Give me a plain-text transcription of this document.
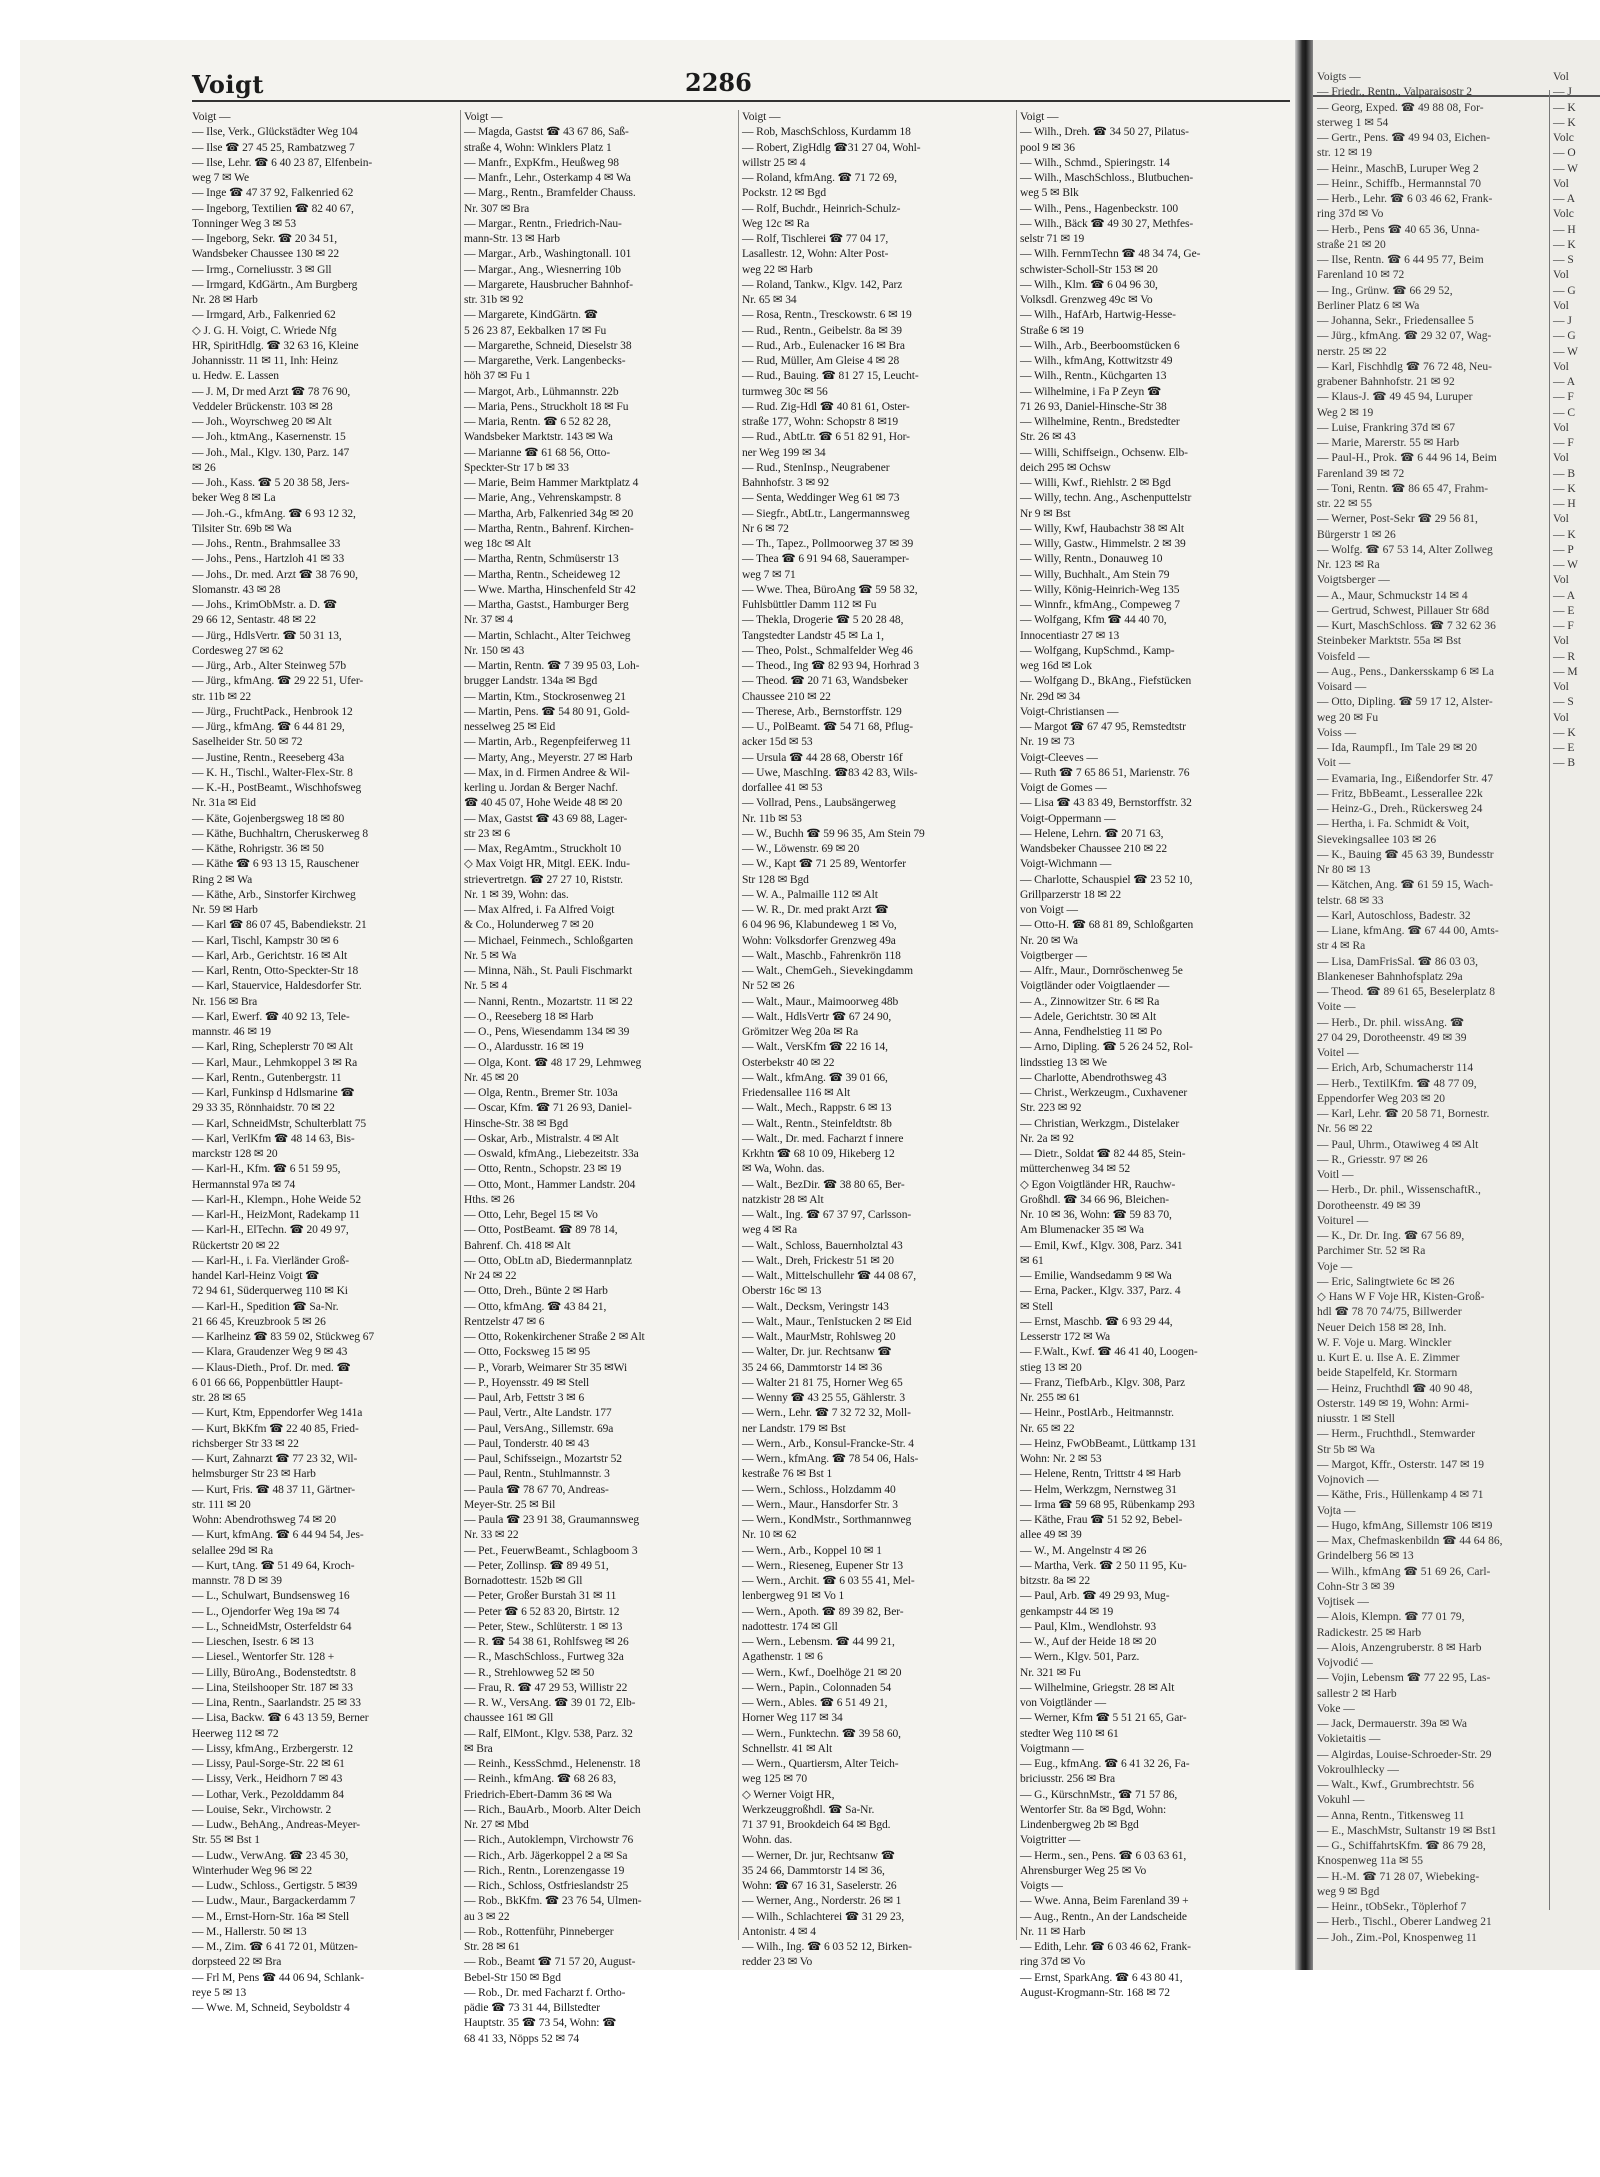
Voigt	2286
Voigt —
— Ilse, Verk., Glückstädter Weg 104
— Ilse ☎ 27 45 25, Rambatzweg 7
— Ilse, Lehr. ☎ 6 40 23 87, Elfenbein-
weg 7 ✉ We
— Inge ☎ 47 37 92, Falkenried 62
— Ingeborg, Textilien ☎ 82 40 67,
Tonninger Weg 3 ✉ 53
— Ingeborg, Sekr. ☎ 20 34 51,
Wandsbeker Chaussee 130 ✉ 22
— Irmg., Corneliusstr. 3 ✉ Gll
— Irmgard, KdGärtn., Am Burgberg
Nr. 28 ✉ Harb
— Irmgard, Arb., Falkenried 62
◇ J. G. H. Voigt, C. Wriede Nfg
HR, SpiritHdlg. ☎ 32 63 16, Kleine
Johannisstr. 11 ✉ 11, Inh: Heinz
u. Hedw. E. Lassen
— J. M, Dr med Arzt ☎ 78 76 90,
Veddeler Brückenstr. 103 ✉ 28
— Joh., Woyrschweg 20 ✉ Alt
— Joh., ktmAng., Kasernenstr. 15
— Joh., Mal., Klgv. 130, Parz. 147
✉ 26
— Joh., Kass. ☎ 5 20 38 58, Jers-
beker Weg 8 ✉ La
— Joh.-G., kfmAng. ☎ 6 93 12 32,
Tilsiter Str. 69b ✉ Wa
— Johs., Rentn., Brahmsallee 33
— Johs., Pens., Hartzloh 41 ✉ 33
— Johs., Dr. med. Arzt ☎ 38 76 90,
Slomanstr. 43 ✉ 28
— Johs., KrimObMstr. a. D. ☎
29 66 12, Sentastr. 48 ✉ 22
— Jürg., HdlsVertr. ☎ 50 31 13,
Cordesweg 27 ✉ 62
— Jürg., Arb., Alter Steinweg 57b
— Jürg., kfmAng. ☎ 29 22 51, Ufer-
str. 11b ✉ 22
— Jürg., FruchtPack., Henbrook 12
— Jürg., kfmAng. ☎ 6 44 81 29,
Saselheider Str. 50 ✉ 72
— Justine, Rentn., Reeseberg 43a
— K. H., Tischl., Walter-Flex-Str. 8
— K.-H., PostBeamt., Wischhofsweg
Nr. 31a ✉ Eid
— Käte, Gojenbergsweg 18 ✉ 80
— Käthe, Buchhaltrn, Cheruskerweg 8
— Käthe, Rohrigstr. 36 ✉ 50
— Käthe ☎ 6 93 13 15, Rauschener
Ring 2 ✉ Wa
— Käthe, Arb., Sinstorfer Kirchweg
Nr. 59 ✉ Harb
— Karl ☎ 86 07 45, Babendiekstr. 21
— Karl, Tischl, Kampstr 30 ✉ 6
— Karl, Arb., Gerichtstr. 16 ✉ Alt
— Karl, Rentn, Otto-Speckter-Str 18
— Karl, Stauervice, Haldesdorfer Str.
Nr. 156 ✉ Bra
— Karl, Ewerf. ☎ 40 92 13, Tele-
mannstr. 46 ✉ 19
— Karl, Ring, Scheplerstr 70 ✉ Alt
— Karl, Maur., Lehmkoppel 3 ✉ Ra
— Karl, Rentn., Gutenbergstr. 11
— Karl, Funkinsp d Hdlsmarine ☎
29 33 35, Rönnhaidstr. 70 ✉ 22
— Karl, SchneidMstr, Schulterblatt 75
— Karl, VerlKfm ☎ 48 14 63, Bis-
marckstr 128 ✉ 20
— Karl-H., Kfm. ☎ 6 51 59 95,
Hermannstal 97a ✉ 74
— Karl-H., Klempn., Hohe Weide 52
— Karl-H., HeizMont, Radekamp 11
— Karl-H., ElTechn. ☎ 20 49 97,
Rückertstr 20 ✉ 22
— Karl-H., i. Fa. Vierländer Groß-
handel Karl-Heinz Voigt ☎
72 94 61, Süderquerweg 110 ✉ Ki
— Karl-H., Spedition ☎ Sa-Nr.
21 66 45, Kreuzbrook 5 ✉ 26
— Karlheinz ☎ 83 59 02, Stückweg 67
— Klara, Graudenzer Weg 9 ✉ 43
— Klaus-Dieth., Prof. Dr. med. ☎
6 01 66 66, Poppenbüttler Haupt-
str. 28 ✉ 65
— Kurt, Ktm, Eppendorfer Weg 141a
— Kurt, BkKfm ☎ 22 40 85, Fried-
richsberger Str 33 ✉ 22
— Kurt, Zahnarzt ☎ 77 23 32, Wil-
helmsburger Str 23 ✉ Harb
— Kurt, Fris. ☎ 48 37 11, Gärtner-
str. 111 ✉ 20
Wohn: Abendrothsweg 74 ✉ 20
— Kurt, kfmAng. ☎ 6 44 94 54, Jes-
selallee 29d ✉ Ra
— Kurt, tAng. ☎ 51 49 64, Kroch-
mannstr. 78 D ✉ 39
— L., Schulwart, Bundsensweg 16
— L., Ojendorfer Weg 19a ✉ 74
— L., SchneidMstr, Osterfeldstr 64
— Lieschen, Isestr. 6 ✉ 13
— Liesel., Wentorfer Str. 128 +
— Lilly, BüroAng., Bodenstedtstr. 8
— Lina, Steilshooper Str. 187 ✉ 33
— Lina, Rentn., Saarlandstr. 25 ✉ 33
— Lisa, Backw. ☎ 6 43 13 59, Berner
Heerweg 112 ✉ 72
— Lissy, kfmAng., Erzbergerstr. 12
— Lissy, Paul-Sorge-Str. 22 ✉ 61
— Lissy, Verk., Heidhorn 7 ✉ 43
— Lothar, Verk., Pezolddamm 84
— Louise, Sekr., Virchowstr. 2
— Ludw., BehAng., Andreas-Meyer-
Str. 55 ✉ Bst 1
— Ludw., VerwAng. ☎ 23 45 30,
Winterhuder Weg 96 ✉ 22
— Ludw., Schloss., Gertigstr. 5 ✉39
— Ludw., Maur., Bargackerdamm 7
— M., Ernst-Horn-Str. 16a ✉ Stell
— M., Hallerstr. 50 ✉ 13
— M., Zim. ☎ 6 41 72 01, Mützen-
dorpsteed 22 ✉ Bra
— Frl M, Pens ☎ 44 06 94, Schlank-
reye 5 ✉ 13
— Wwe. M, Schneid, Seyboldstr 4
Voigt —
— Magda, Gastst ☎ 43 67 86, Saß-
straße 4, Wohn: Winklers Platz 1
— Manfr., ExpKfm., Heußweg 98
— Manfr., Lehr., Osterkamp 4 ✉ Wa
— Marg., Rentn., Bramfelder Chauss.
Nr. 307 ✉ Bra
— Margar., Rentn., Friedrich-Nau-
mann-Str. 13 ✉ Harb
— Margar., Arb., Washingtonall. 101
— Margar., Ang., Wiesnerring 10b
— Margarete, Hausbrucher Bahnhof-
str. 31b ✉ 92
— Margarete, KindGärtn. ☎
5 26 23 87, Eekbalken 17 ✉ Fu
— Margarethe, Schneid, Dieselstr 38
— Margarethe, Verk. Langenbecks-
höh 37 ✉ Fu 1
— Margot, Arb., Lühmannstr. 22b
— Maria, Pens., Struckholt 18 ✉ Fu
— Maria, Rentn. ☎ 6 52 82 28,
Wandsbeker Marktstr. 143 ✉ Wa
— Marianne ☎ 61 68 56, Otto-
Speckter-Str 17 b ✉ 33
— Marie, Beim Hammer Marktplatz 4
— Marie, Ang., Vehrenskampstr. 8
— Martha, Arb, Falkenried 34g ✉ 20
— Martha, Rentn., Bahrenf. Kirchen-
weg 18c ✉ Alt
— Martha, Rentn, Schmüserstr 13
— Martha, Rentn., Scheideweg 12
— Wwe. Martha, Hinschenfeld Str 42
— Martha, Gastst., Hamburger Berg
Nr. 37 ✉ 4
— Martin, Schlacht., Alter Teichweg
Nr. 150 ✉ 43
— Martin, Rentn. ☎ 7 39 95 03, Loh-
brugger Landstr. 134a ✉ Bgd
— Martin, Ktm., Stockrosenweg 21
— Martin, Pens. ☎ 54 80 91, Gold-
nesselweg 25 ✉ Eid
— Martin, Arb., Regenpfeiferweg 11
— Marty, Ang., Meyerstr. 27 ✉ Harb
— Max, in d. Firmen Andree & Wil-
kerling u. Jordan & Berger Nachf.
☎ 40 45 07, Hohe Weide 48 ✉ 20
— Max, Gastst ☎ 43 69 88, Lager-
str 23 ✉ 6
— Max, RegAmtm., Struckholt 10
◇ Max Voigt HR, Mitgl. EEK. Indu-
strievertretgn. ☎ 27 27 10, Riststr.
Nr. 1 ✉ 39, Wohn: das.
— Max Alfred, i. Fa Alfred Voigt
& Co., Holunderweg 7 ✉ 20
— Michael, Feinmech., Schloßgarten
Nr. 5 ✉ Wa
— Minna, Näh., St. Pauli Fischmarkt
Nr. 5 ✉ 4
— Nanni, Rentn., Mozartstr. 11 ✉ 22
— O., Reeseberg 18 ✉ Harb
— O., Pens, Wiesendamm 134 ✉ 39
— O., Alardusstr. 16 ✉ 19
— Olga, Kont. ☎ 48 17 29, Lehmweg
Nr. 45 ✉ 20
— Olga, Rentn., Bremer Str. 103a
— Oscar, Kfm. ☎ 71 26 93, Daniel-
Hinsche-Str. 38 ✉ Bgd
— Oskar, Arb., Mistralstr. 4 ✉ Alt
— Oswald, kfmAng., Liebezeitstr. 33a
— Otto, Rentn., Schopstr. 23 ✉ 19
— Otto, Mont., Hammer Landstr. 204
Hths. ✉ 26
— Otto, Lehr, Begel 15 ✉ Vo
— Otto, PostBeamt. ☎ 89 78 14,
Bahrenf. Ch. 418 ✉ Alt
— Otto, ObLtn aD, Biedermannplatz
Nr 24 ✉ 22
— Otto, Dreh., Bünte 2 ✉ Harb
— Otto, kfmAng. ☎ 43 84 21,
Rentzelstr 47 ✉ 6
— Otto, Rokenkirchener Straße 2 ✉ Alt
— Otto, Focksweg 15 ✉ 95
— P., Vorarb, Weimarer Str 35 ✉Wi
— P., Hoyensstr. 49 ✉ Stell
— Paul, Arb, Fettstr 3 ✉ 6
— Paul, Vertr., Alte Landstr. 177
— Paul, VersAng., Sillemstr. 69a
— Paul, Tonderstr. 40 ✉ 43
— Paul, Schifsseign., Mozartstr 52
— Paul, Rentn., Stuhlmannstr. 3
— Paula ☎ 78 67 70, Andreas-
Meyer-Str. 25 ✉ Bil
— Paula ☎ 23 91 38, Graumannsweg
Nr. 33 ✉ 22
— Pet., FeuerwBeamt., Schlagboom 3
— Peter, Zollinsp. ☎ 89 49 51,
Bornadottestr. 152b ✉ Gll
— Peter, Großer Burstah 31 ✉ 11
— Peter ☎ 6 52 83 20, Birtstr. 12
— Peter, Stew., Schlüterstr. 1 ✉ 13
— R. ☎ 54 38 61, Rohlfsweg ✉ 26
— R., MaschSchloss., Furtweg 32a
— R., Strehlowweg 52 ✉ 50
— Frau, R. ☎ 47 29 53, Willistr 22
— R. W., VersAng. ☎ 39 01 72, Elb-
chaussee 161 ✉ Gll
— Ralf, ElMont., Klgv. 538, Parz. 32
✉ Bra
— Reinh., KessSchmd., Helenenstr. 18
— Reinh., kfmAng. ☎ 68 26 83,
Friedrich-Ebert-Damm 36 ✉ Wa
— Rich., BauArb., Moorb. Alter Deich
Nr. 27 ✉ Mbd
— Rich., Autoklempn, Virchowstr 76
— Rich., Arb. Jägerkoppel 2 a ✉ Sa
— Rich., Rentn., Lorenzengasse 19
— Rich., Schloss, Ostfrieslandstr 25
— Rob., BkKfm. ☎ 23 76 54, Ulmen-
au 3 ✉ 22
— Rob., Rottenführ, Pinneberger
Str. 28 ✉ 61
— Rob., Beamt ☎ 71 57 20, August-
Bebel-Str 150 ✉ Bgd
— Rob., Dr. med Facharzt f. Ortho-
pädie ☎ 73 31 44, Billstedter
Hauptstr. 35 ☎ 73 54, Wohn: ☎
68 41 33, Nöpps 52 ✉ 74
Voigt —
— Rob, MaschSchloss, Kurdamm 18
— Robert, ZigHdlg ☎31 27 04, Wohl-
willstr 25 ✉ 4
— Roland, kfmAng. ☎ 71 72 69,
Pockstr. 12 ✉ Bgd
— Rolf, Buchdr., Heinrich-Schulz-
Weg 12c ✉ Ra
— Rolf, Tischlerei ☎ 77 04 17,
Lasallestr. 12, Wohn: Alter Post-
weg 22 ✉ Harb
— Roland, Tankw., Klgv. 142, Parz
Nr. 65 ✉ 34
— Rosa, Rentn., Tresckowstr. 6 ✉ 19
— Rud., Rentn., Geibelstr. 8a ✉ 39
— Rud., Arb., Eulenacker 16 ✉ Bra
— Rud, Müller, Am Gleise 4 ✉ 28
— Rud., Bauing. ☎ 81 27 15, Leucht-
turmweg 30c ✉ 56
— Rud. Zig-Hdl ☎ 40 81 61, Oster-
straße 177, Wohn: Schopstr 8 ✉19
— Rud., AbtLtr. ☎ 6 51 82 91, Hor-
ner Weg 199 ✉ 34
— Rud., StenInsp., Neugrabener
Bahnhofstr. 3 ✉ 92
— Senta, Weddinger Weg 61 ✉ 73
— Siegfr., AbtLtr., Langermannsweg
Nr 6 ✉ 72
— Th., Tapez., Pollmoorweg 37 ✉ 39
— Thea ☎ 6 91 94 68, Saueramper-
weg 7 ✉ 71
— Wwe. Thea, BüroAng ☎ 59 58 32,
Fuhlsbüttler Damm 112 ✉ Fu
— Thekla, Drogerie ☎ 5 20 28 48,
Tangstedter Landstr 45 ✉ La 1,
— Theo, Polst., Schmalfelder Weg 46
— Theod., Ing ☎ 82 93 94, Horhrad 3
— Theod. ☎ 20 71 63, Wandsbeker
Chaussee 210 ✉ 22
— Therese, Arb., Bernstorffstr. 129
— U., PolBeamt. ☎ 54 71 68, Pflug-
acker 15d ✉ 53
— Ursula ☎ 44 28 68, Oberstr 16f
— Uwe, MaschIng. ☎83 42 83, Wils-
dorfallee 41 ✉ 53
— Vollrad, Pens., Laubsängerweg
Nr. 11b ✉ 53
— W., Buchh ☎ 59 96 35, Am Stein 79
— W., Löwenstr. 69 ✉ 20
— W., Kapt ☎ 71 25 89, Wentorfer
Str 128 ✉ Bgd
— W. A., Palmaille 112 ✉ Alt
— W. R., Dr. med prakt Arzt ☎
6 04 96 96, Klabundeweg 1 ✉ Vo,
Wohn: Volksdorfer Grenzweg 49a
— Walt., Maschb., Fahrenkrön 118
— Walt., ChemGeh., Sievekingdamm
Nr 52 ✉ 26
— Walt., Maur., Maimoorweg 48b
— Walt., HdlsVertr ☎ 67 24 90,
Grömitzer Weg 20a ✉ Ra
— Walt., VersKfm ☎ 22 16 14,
Osterbekstr 40 ✉ 22
— Walt., kfmAng. ☎ 39 01 66,
Friedensallee 116 ✉ Alt
— Walt., Mech., Rappstr. 6 ✉ 13
— Walt., Rentn., Steinfeldtstr. 8b
— Walt., Dr. med. Facharzt f innere
Krkhtn ☎ 68 10 09, Hikeberg 12
✉ Wa, Wohn. das.
— Walt., BezDir. ☎ 38 80 65, Ber-
natzkistr 28 ✉ Alt
— Walt., Ing. ☎ 67 37 97, Carlsson-
weg 4 ✉ Ra
— Walt., Schloss, Bauernholztal 43
— Walt., Dreh, Frickestr 51 ✉ 20
— Walt., Mittelschullehr ☎ 44 08 67,
Oberstr 16c ✉ 13
— Walt., Decksm, Veringstr 143
— Walt., Maur., TenIstucken 2 ✉ Eid
— Walt., MaurMstr, Rohlsweg 20
— Walter, Dr. jur. Rechtsanw ☎
35 24 66, Dammtorstr 14 ✉ 36
— Walter 21 81 75, Horner Weg 65
— Wenny ☎ 43 25 55, Gählerstr. 3
— Wern., Lehr. ☎ 7 32 72 32, Moll-
ner Landstr. 179 ✉ Bst
— Wern., Arb., Konsul-Francke-Str. 4
— Wern., kfmAng. ☎ 78 54 06, Hals-
kestraße 76 ✉ Bst 1
— Wern., Schloss., Holzdamm 40
— Wern., Maur., Hansdorfer Str. 3
— Wern., KondMstr., Sorthmannweg
Nr. 10 ✉ 62
— Wern., Arb., Koppel 10 ✉ 1
— Wern., Rieseneg, Eupener Str 13
— Wern., Archit. ☎ 6 03 55 41, Mel-
lenbergweg 91 ✉ Vo 1
— Wern., Apoth. ☎ 89 39 82, Ber-
nadottestr. 174 ✉ Gll
— Wern., Lebensm. ☎ 44 99 21,
Agathenstr. 1 ✉ 6
— Wern., Kwf., Doelhöge 21 ✉ 20
— Wern., Papin., Colonnaden 54
— Wern., Ables. ☎ 6 51 49 21,
Horner Weg 117 ✉ 34
— Wern., Funktechn. ☎ 39 58 60,
Schnellstr. 41 ✉ Alt
— Wern., Quartiersm, Alter Teich-
weg 125 ✉ 70
◇ Werner Voigt HR,
Werkzeuggroßhdl. ☎ Sa-Nr.
71 37 91, Brookdeich 64 ✉ Bgd.
Wohn. das.
— Werner, Dr. jur, Rechtsanw ☎
35 24 66, Dammtorstr 14 ✉ 36,
Wohn: ☎ 67 16 31, Saselerstr. 26
— Werner, Ang., Norderstr. 26 ✉ 1
— Wilh., Schlachterei ☎ 31 29 23,
Antonistr. 4 ✉ 4
— Wilh., Ing. ☎ 6 03 52 12, Birken-
redder 23 ✉ Vo
Voigt —
— Wilh., Dreh. ☎ 34 50 27, Pilatus-
pool 9 ✉ 36
— Wilh., Schmd., Spieringstr. 14
— Wilh., MaschSchloss., Blutbuchen-
weg 5 ✉ Blk
— Wilh., Pens., Hagenbeckstr. 100
— Wilh., Bäck ☎ 49 30 27, Methfes-
selstr 71 ✉ 19
— Wilh. FernmTechn ☎ 48 34 74, Ge-
schwister-Scholl-Str 153 ✉ 20
— Wilh., Klm. ☎ 6 04 96 30,
Volksdl. Grenzweg 49c ✉ Vo
— Wilh., HafArb, Hartwig-Hesse-
Straße 6 ✉ 19
— Wilh., Arb., Beerboomstücken 6
— Wilh., kfmAng, Kottwitzstr 49
— Wilh., Rentn., Küchgarten 13
— Wilhelmine, i Fa P Zeyn ☎
71 26 93, Daniel-Hinsche-Str 38
— Wilhelmine, Rentn., Bredstedter
Str. 26 ✉ 43
— Willi, Schiffseign., Ochsenw. Elb-
deich 295 ✉ Ochsw
— Willi, Kwf., Riehlstr. 2 ✉ Bgd
— Willy, techn. Ang., Aschenputtelstr
Nr 9 ✉ Bst
— Willy, Kwf, Haubachstr 38 ✉ Alt
— Willy, Gastw., Himmelstr. 2 ✉ 39
— Willy, Rentn., Donauweg 10
— Willy, Buchhalt., Am Stein 79
— Willy, König-Heinrich-Weg 135
— Winnfr., kfmAng., Compeweg 7
— Wolfgang, Kfm ☎ 44 40 70,
Innocentiastr 27 ✉ 13
— Wolfgang, KupSchmd., Kamp-
weg 16d ✉ Lok
— Wolfgang D., BkAng., Fiefstücken
Nr. 29d ✉ 34
Voigt-Christiansen —
— Margot ☎ 67 47 95, Remstedtstr
Nr. 19 ✉ 73
Voigt-Cleeves —
— Ruth ☎ 7 65 86 51, Marienstr. 76
Voigt de Gomes —
— Lisa ☎ 43 83 49, Bernstorffstr. 32
Voigt-Oppermann —
— Helene, Lehrn. ☎ 20 71 63,
Wandsbeker Chaussee 210 ✉ 22
Voigt-Wichmann —
— Charlotte, Schauspiel ☎ 23 52 10,
Grillparzerstr 18 ✉ 22
von Voigt —
— Otto-H. ☎ 68 81 89, Schloßgarten
Nr. 20 ✉ Wa
Voigtberger —
— Alfr., Maur., Dornröschenweg 5e
Voigtländer oder Voigtlaender —
— A., Zinnowitzer Str. 6 ✉ Ra
— Adele, Gerichtstr. 30 ✉ Alt
— Anna, Fendhelstieg 11 ✉ Po
— Arno, Dipling. ☎ 5 26 24 52, Rol-
lindsstieg 13 ✉ We
— Charlotte, Abendrothsweg 43
— Christ., Werkzeugm., Cuxhavener
Str. 223 ✉ 92
— Christian, Werkzgm., Distelaker
Nr. 2a ✉ 92
— Dietr., Soldat ☎ 82 44 85, Stein-
mütterchenweg 34 ✉ 52
◇ Egon Voigtländer HR, Rauchw-
Großhdl. ☎ 34 66 96, Bleichen-
Nr. 10 ✉ 36, Wohn: ☎ 59 83 70,
Am Blumenacker 35 ✉ Wa
— Emil, Kwf., Klgv. 308, Parz. 341
✉ 61
— Emilie, Wandsedamm 9 ✉ Wa
— Erna, Packer., Klgv. 337, Parz. 4
✉ Stell
— Ernst, Maschb. ☎ 6 93 29 44,
Lesserstr 172 ✉ Wa
— F.Walt., Kwf. ☎ 46 41 40, Loogen-
stieg 13 ✉ 20
— Franz, TiefbArb., Klgv. 308, Parz
Nr. 255 ✉ 61
— Heinr., PostlArb., Heitmannstr.
Nr. 65 ✉ 22
— Heinz, FwObBeamt., Lüttkamp 131
Wohn: Nr. 2 ✉ 53
— Helene, Rentn, Trittstr 4 ✉ Harb
— Helm, Werkzgm, Nernstweg 31
— Irma ☎ 59 68 95, Rübenkamp 293
— Käthe, Frau ☎ 51 52 92, Bebel-
allee 49 ✉ 39
— W., M. Angelnstr 4 ✉ 26
— Martha, Verk. ☎ 2 50 11 95, Ku-
bitzstr. 8a ✉ 22
— Paul, Arb. ☎ 49 29 93, Mug-
genkampstr 44 ✉ 19
— Paul, Klm., Wendlohstr. 93
— W., Auf der Heide 18 ✉ 20
— Wern., Klgv. 501, Parz.
Nr. 321 ✉ Fu
— Wilhelmine, Griegstr. 28 ✉ Alt
von Voigtländer —
— Werner, Kfm ☎ 5 51 21 65, Gar-
stedter Weg 110 ✉ 61
Voigtmann —
— Eug., kfmAng. ☎ 6 41 32 26, Fa-
briciusstr. 256 ✉ Bra
— G., KürschnMstr., ☎ 71 57 86,
Wentorfer Str. 8a ✉ Bgd, Wohn:
Lindenbergweg 2b ✉ Bgd
Voigtritter —
— Herm., sen., Pens. ☎ 6 03 63 61,
Ahrensburger Weg 25 ✉ Vo
Voigts —
— Wwe. Anna, Beim Farenland 39 +
— Aug., Rentn., An der Landscheide
Nr. 11 ✉ Harb
— Edith, Lehr. ☎ 6 03 46 62, Frank-
ring 37d ✉ Vo
— Ernst, SparkAng. ☎ 6 43 80 41,
August-Krogmann-Str. 168 ✉ 72
Voigts —
— Friedr., Rentn., Valparaisostr 2
— Georg, Exped. ☎ 49 88 08, For-
sterweg 1 ✉ 54
— Gertr., Pens. ☎ 49 94 03, Eichen-
str. 12 ✉ 19
— Heinr., MaschB, Luruper Weg 2
— Heinr., Schiffb., Hermannstal 70
— Herb., Lehr. ☎ 6 03 46 62, Frank-
ring 37d ✉ Vo
— Herb., Pens ☎ 40 65 36, Unna-
straße 21 ✉ 20
— Ilse, Rentn. ☎ 6 44 95 77, Beim
Farenland 10 ✉ 72
— Ing., Grünw. ☎ 66 29 52,
Berliner Platz 6 ✉ Wa
— Johanna, Sekr., Friedensallee 5
— Jürg., kfmAng. ☎ 29 32 07, Wag-
nerstr. 25 ✉ 22
— Karl, Fischhdlg ☎ 76 72 48, Neu-
grabener Bahnhofstr. 21 ✉ 92
— Klaus-J. ☎ 49 45 94, Luruper
Weg 2 ✉ 19
— Luise, Frankring 37d ✉ 67
— Marie, Marerstr. 55 ✉ Harb
— Paul-H., Prok. ☎ 6 44 96 14, Beim
Farenland 39 ✉ 72
— Toni, Rentn. ☎ 86 65 47, Frahm-
str. 22 ✉ 55
— Werner, Post-Sekr ☎ 29 56 81,
Bürgerstr 1 ✉ 26
— Wolfg. ☎ 67 53 14, Alter Zollweg
Nr. 123 ✉ Ra
Voigtsberger —
— A., Maur, Schmuckstr 14 ✉ 4
— Gertrud, Schwest, Pillauer Str 68d
— Kurt, MaschSchloss. ☎ 7 32 62 36
Steinbeker Marktstr. 55a ✉ Bst
Voisfeld —
— Aug., Pens., Dankersskamp 6 ✉ La
Voisard —
— Otto, Dipling. ☎ 59 17 12, Alster-
weg 20 ✉ Fu
Voiss —
— Ida, Raumpfl., Im Tale 29 ✉ 20
Voit —
— Evamaria, Ing., Eißendorfer Str. 47
— Fritz, BbBeamt., Lesserallee 22k
— Heinz-G., Dreh., Rückersweg 24
— Hertha, i. Fa. Schmidt & Voit,
Sievekingsallee 103 ✉ 26
— K., Bauing ☎ 45 63 39, Bundesstr
Nr 80 ✉ 13
— Kätchen, Ang. ☎ 61 59 15, Wach-
telstr. 68 ✉ 33
— Karl, Autoschloss, Badestr. 32
— Liane, kfmAng. ☎ 67 44 00, Amts-
str 4 ✉ Ra
— Lisa, DamFrisSal. ☎ 86 03 03,
Blankeneser Bahnhofsplatz 29a
— Theod. ☎ 89 61 65, Beselerplatz 8
Voite —
— Herb., Dr. phil. wissAng. ☎
27 04 29, Dorotheenstr. 49 ✉ 39
Voitel —
— Erich, Arb, Schumacherstr 114
— Herb., TextilKfm. ☎ 48 77 09,
Eppendorfer Weg 203 ✉ 20
— Karl, Lehr. ☎ 20 58 71, Bornestr.
Nr. 56 ✉ 22
— Paul, Uhrm., Otawiweg 4 ✉ Alt
— R., Griesstr. 97 ✉ 26
Voitl —
— Herb., Dr. phil., WissenschaftR.,
Dorotheenstr. 49 ✉ 39
Voiturel —
— K., Dr. Dr. Ing. ☎ 67 56 89,
Parchimer Str. 52 ✉ Ra
Voje —
— Eric, Salingtwiete 6c ✉ 26
◇ Hans W F Voje HR, Kisten-Groß-
hdl ☎ 78 70 74/75, Billwerder
Neuer Deich 158 ✉ 28, Inh.
W. F. Voje u. Marg. Winckler
u. Kurt E. u. Ilse A. E. Zimmer
beide Stapelfeld, Kr. Stormarn
— Heinz, Fruchthdl ☎ 40 90 48,
Osterstr. 149 ✉ 19, Wohn: Armi-
niusstr. 1 ✉ Stell
— Herm., Fruchthdl., Stemwarder
Str 5b ✉ Wa
— Margot, Kffr., Osterstr. 147 ✉ 19
Vojnovich —
— Käthe, Fris., Hüllenkamp 4 ✉ 71
Vojta —
— Hugo, kfmAng, Sillemstr 106 ✉19
— Max, Chefmaskenbildn ☎ 44 64 86,
Grindelberg 56 ✉ 13
— Wilh., kfmAng ☎ 51 69 26, Carl-
Cohn-Str 3 ✉ 39
Vojtisek —
— Alois, Klempn. ☎ 77 01 79,
Radickestr. 25 ✉ Harb
— Alois, Anzengruberstr. 8 ✉ Harb
Vojvodić —
— Vojin, Lebensm ☎ 77 22 95, Las-
sallestr 2 ✉ Harb
Voke —
— Jack, Dermauerstr. 39a ✉ Wa
Vokietaitis —
— Algirdas, Louise-Schroeder-Str. 29
Vokroulhlecky —
— Walt., Kwf., Grumbrechtstr. 56
Vokuhl —
— Anna, Rentn., Titkensweg 11
— E., MaschMstr, Sultanstr 19 ✉ Bst1
— G., SchiffahrtsKfm. ☎ 86 79 28,
Knospenweg 11a ✉ 55
— H.-M. ☎ 71 28 07, Wiebeking-
weg 9 ✉ Bgd
— Heinr., tObSekr., Töplerhof 7
— Herb., Tischl., Oberer Landweg 21
— Joh., Zim.-Pol, Knospenweg 11
Vol
— J
— K
— K
Volc
— O
— W
Vol
— A
Volc
— H
— K
— S
Vol
— G
Vol
— J
— G
— W
Vol
— A
— F
— C
Vol
— F
Vol
— B
— K
— H
Vol
— K
— P
— W
Vol
— A
— E
— F
Vol
— R
— M
Vol
— S
Vol
— K
— E
— B
